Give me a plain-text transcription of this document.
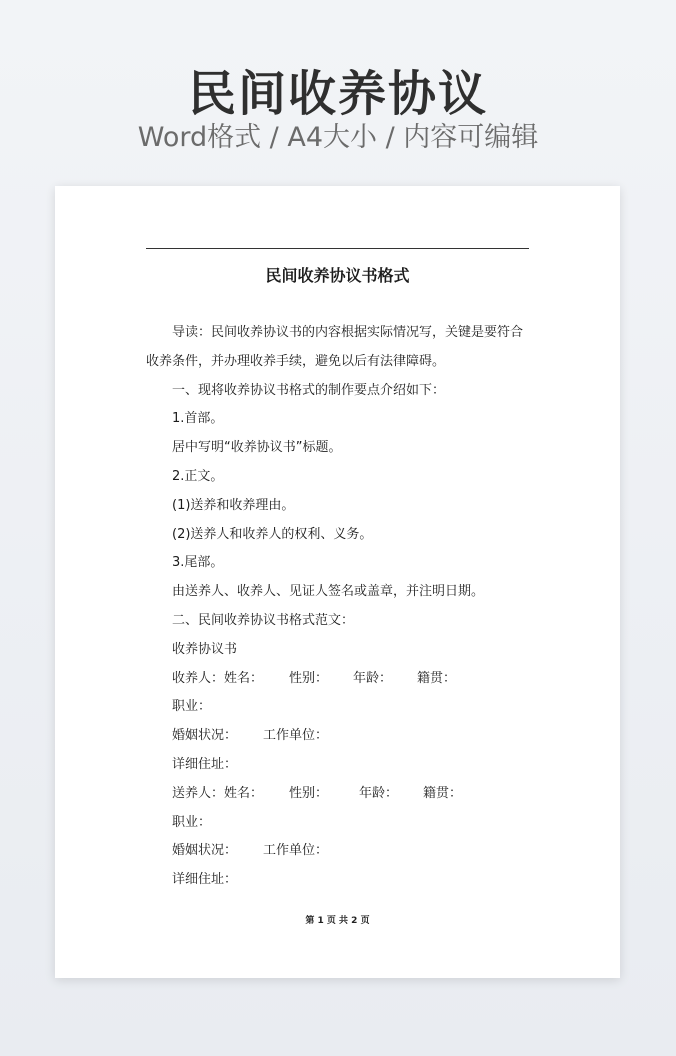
民间收养协议
Word格式 / A4大小 / 内容可编辑
民间收养协议书格式

导读：民间收养协议书的内容根据实际情况写，关键是要符合收养条件，并办理收养手续，避免以后有法律障碍。

一、现将收养协议书格式的制作要点介绍如下：

1.首部。

居中写明“收养协议书”标题。

2.正文。

(1)送养和收养理由。

(2)送养人和收养人的权利、义务。

3.尾部。

由送养人、收养人、见证人签名或盖章，并注明日期。

二、民间收养协议书格式范文：

收养协议书

收养人：姓名： 性别： 年龄： 籍贯：

职业：

婚姻状况： 工作单位：

详细住址：

送养人：姓名： 性别： 年龄： 籍贯：

职业：

婚姻状况： 工作单位：

详细住址：

第 1 页 共 2 页
